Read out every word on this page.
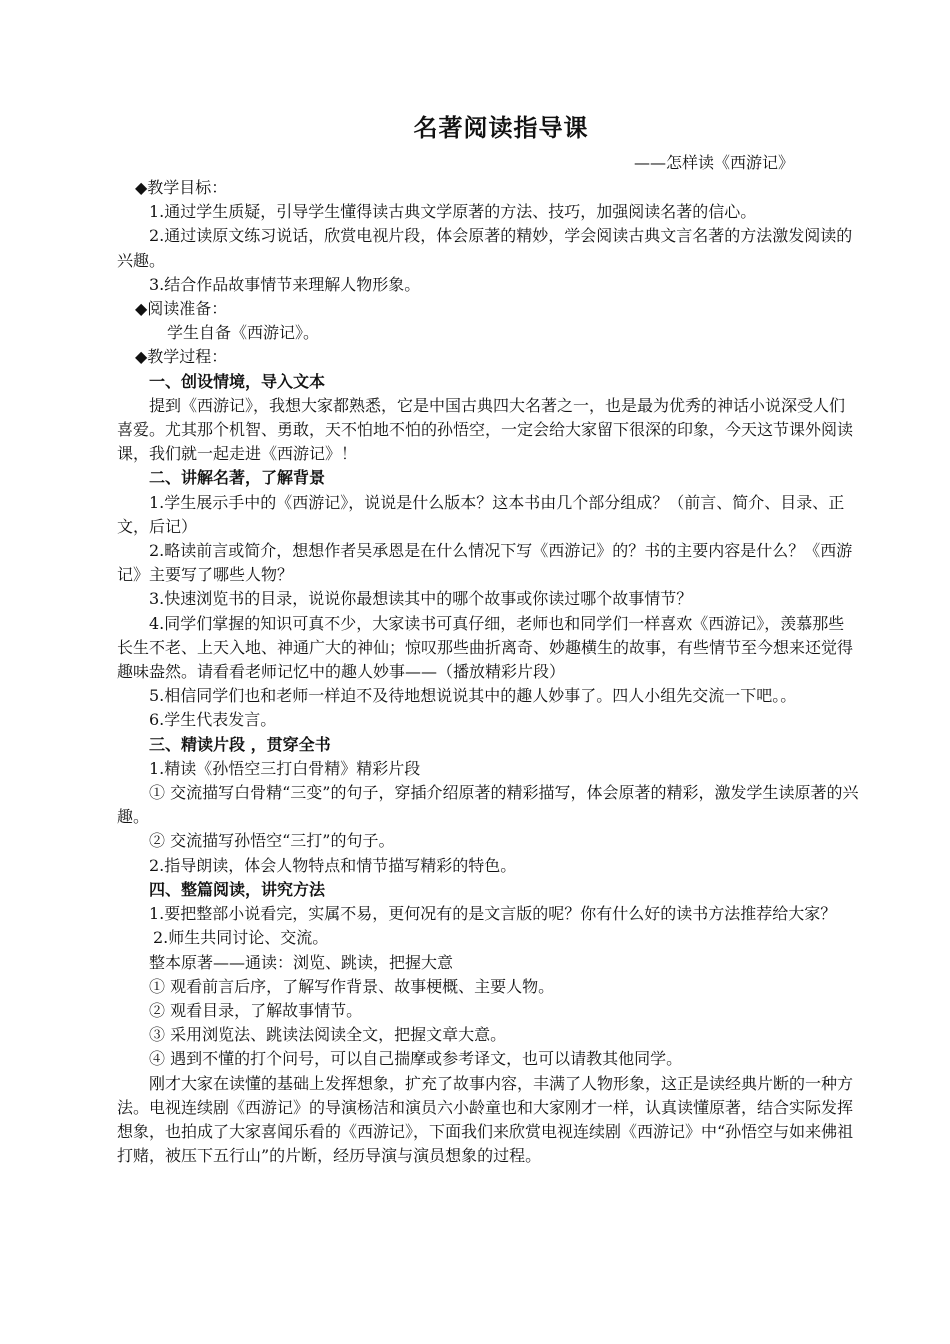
名著阅读指导课
——怎样读《西游记》

◆教学目标：

1.通过学生质疑，引导学生懂得读古典文学原著的方法、技巧，加强阅读名著的信心。

2.通过读原文练习说话，欣赏电视片段，体会原著的精妙，学会阅读古典文言名著的方法激发阅读的兴趣。

3.结合作品故事情节来理解人物形象。

◆阅读准备：

学生自备《西游记》。

◆教学过程：

一、创设情境，导入文本

提到《西游记》，我想大家都熟悉，它是中国古典四大名著之一，也是最为优秀的神话小说深受人们喜爱。尤其那个机智、勇敢，天不怕地不怕的孙悟空，一定会给大家留下很深的印象，今天这节课外阅读课，我们就一起走进《西游记》！

二、讲解名著，了解背景

1.学生展示手中的《西游记》，说说是什么版本？这本书由几个部分组成？（前言、简介、目录、正文，后记）

2.略读前言或简介，想想作者吴承恩是在什么情况下写《西游记》的？书的主要内容是什么？《西游记》主要写了哪些人物？

3.快速浏览书的目录，说说你最想读其中的哪个故事或你读过哪个故事情节？

4.同学们掌握的知识可真不少，大家读书可真仔细，老师也和同学们一样喜欢《西游记》，羡慕那些长生不老、上天入地、神通广大的神仙；惊叹那些曲折离奇、妙趣横生的故事，有些情节至今想来还觉得趣味盎然。请看看老师记忆中的趣人妙事——（播放精彩片段）

5.相信同学们也和老师一样迫不及待地想说说其中的趣人妙事了。四人小组先交流一下吧。。

6.学生代表发言。

三、精读片段 ，贯穿全书

1.精读《孙悟空三打白骨精》精彩片段

① 交流描写白骨精“三变”的句子，穿插介绍原著的精彩描写，体会原著的精彩，激发学生读原著的兴趣。

② 交流描写孙悟空“三打”的句子。

2.指导朗读，体会人物特点和情节描写精彩的特色。

四、整篇阅读，讲究方法

1.要把整部小说看完，实属不易，更何况有的是文言版的呢？你有什么好的读书方法推荐给大家？

2.师生共同讨论、交流。

整本原著——通读：浏览、跳读，把握大意

① 观看前言后序，了解写作背景、故事梗概、主要人物。

② 观看目录，了解故事情节。

③ 采用浏览法、跳读法阅读全文，把握文章大意。

④ 遇到不懂的打个问号，可以自己揣摩或参考译文，也可以请教其他同学。

刚才大家在读懂的基础上发挥想象，扩充了故事内容，丰满了人物形象，这正是读经典片断的一种方法。电视连续剧《西游记》的导演杨洁和演员六小龄童也和大家刚才一样，认真读懂原著，结合实际发挥想象，也拍成了大家喜闻乐看的《西游记》，下面我们来欣赏电视连续剧《西游记》中“孙悟空与如来佛祖打赌，被压下五行山”的片断，经历导演与演员想象的过程。
